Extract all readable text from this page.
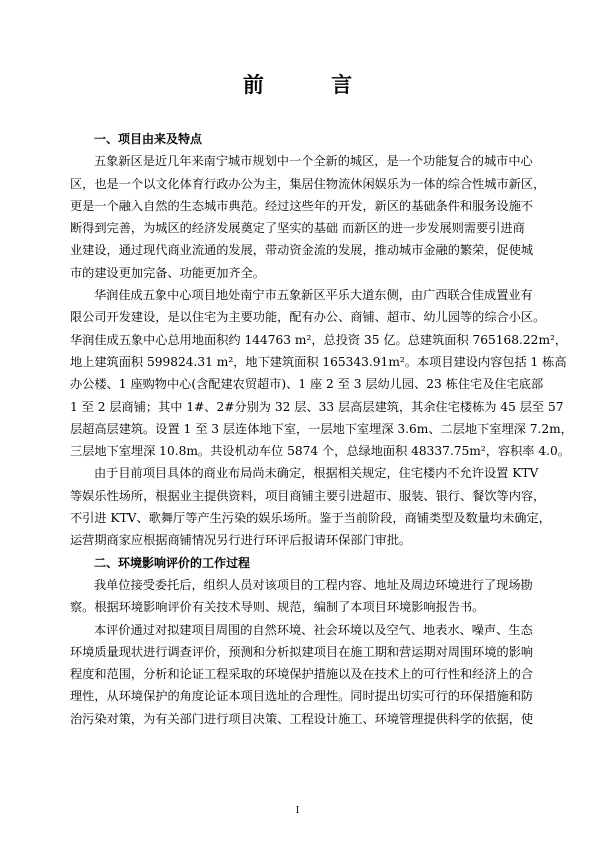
前 言
一、项目由来及特点
五象新区是近几年来南宁城市规划中一个全新的城区，是一个功能复合的城市中心
区，也是一个以文化体育行政办公为主，集居住物流休闲娱乐为一体的综合性城市新区，
更是一个融入自然的生态城市典范。经过这些年的开发，新区的基础条件和服务设施不
断得到完善，为城区的经济发展奠定了坚实的基础 而新区的进一步发展则需要引进商
业建设，通过现代商业流通的发展，带动资金流的发展，推动城市金融的繁荣，促使城
市的建设更加完备、功能更加齐全。
华润佳成五象中心项目地处南宁市五象新区平乐大道东侧，由广西联合佳成置业有
限公司开发建设，是以住宅为主要功能，配有办公、商铺、超市、幼儿园等的综合小区。
华润佳成五象中心总用地面积约 144763 m²，总投资 35 亿。总建筑面积 765168.22m²，
地上建筑面积 599824.31 m²，地下建筑面积 165343.91m²。本项目建设内容包括 1 栋高
办公楼、1 座购物中心(含配建农贸超市)、1 座 2 至 3 层幼儿园、23 栋住宅及住宅底部
1 至 2 层商铺；其中 1#、2#分别为 32 层、33 层高层建筑，其余住宅楼栋为 45 层至 57
层超高层建筑。设置 1 至 3 层连体地下室，一层地下室埋深 3.6m、二层地下室埋深 7.2m，
三层地下室埋深 10.8m。共设机动车位 5874 个，总绿地面积 48337.75m²，容积率 4.0。
由于目前项目具体的商业布局尚未确定，根据相关规定，住宅楼内不允许设置 KTV
等娱乐性场所，根据业主提供资料，项目商铺主要引进超市、服装、银行、餐饮等内容，
不引进 KTV、歌舞厅等产生污染的娱乐场所。鉴于当前阶段，商铺类型及数量均未确定，
运营期商家应根据商铺情况另行进行环评后报请环保部门审批。
二、环境影响评价的工作过程
我单位接受委托后，组织人员对该项目的工程内容、地址及周边环境进行了现场勘
察。根据环境影响评价有关技术导则、规范，编制了本项目环境影响报告书。
本评价通过对拟建项目周围的自然环境、社会环境以及空气、地表水、噪声、生态
环境质量现状进行调查评价，预测和分析拟建项目在施工期和营运期对周围环境的影响
程度和范围，分析和论证工程采取的环境保护措施以及在技术上的可行性和经济上的合
理性，从环境保护的角度论证本项目选址的合理性。同时提出切实可行的环保措施和防
治污染对策，为有关部门进行项目决策、工程设计施工、环境管理提供科学的依据，使
I
